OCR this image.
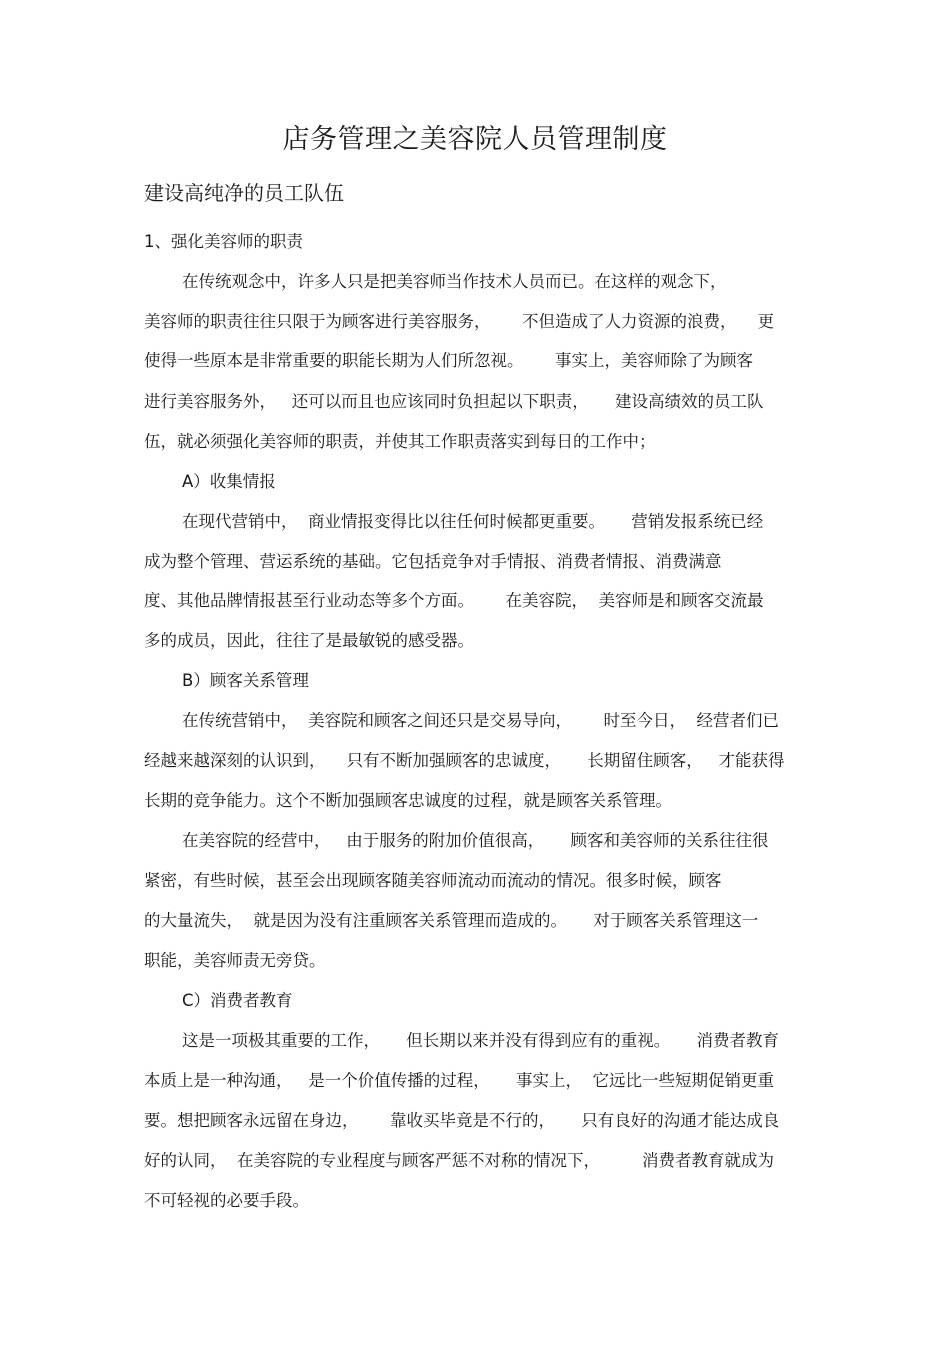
店务管理之美容院人员管理制度
建设高纯净的员工队伍

1、强化美容师的职责

在传统观念中，许多人只是把美容师当作技术人员而已。在这样的观念下，

美容师的职责往往只限于为顾客进行美容服务，      不但造成了人力资源的浪费，    更

使得一些原本是非常重要的职能长期为人们所忽视。      事实上，美容师除了为顾客

进行美容服务外，   还可以而且也应该同时负担起以下职责，     建设高绩效的员工队

伍，就必须强化美容师的职责，并使其工作职责落实到每日的工作中；

A）收集情报

在现代营销中，  商业情报变得比以往任何时候都更重要。     营销发报系统已经

成为整个管理、营运系统的基础。它包括竞争对手情报、消费者情报、消费满意

度、其他品牌情报甚至行业动态等多个方面。      在美容院，  美容师是和顾客交流最

多的成员，因此，往往了是最敏锐的感受器。

B）顾客关系管理

在传统营销中，  美容院和顾客之间还只是交易导向，      时至今日，  经营者们已

经越来越深刻的认识到，    只有不断加强顾客的忠诚度，     长期留住顾客，   才能获得

长期的竞争能力。这个不断加强顾客忠诚度的过程，就是顾客关系管理。

在美容院的经营中，   由于服务的附加价值很高，     顾客和美容师的关系往往很

紧密，有些时候，甚至会出现顾客随美容师流动而流动的情况。很多时候，顾客

的大量流失，  就是因为没有注重顾客关系管理而造成的。     对于顾客关系管理这一

职能，美容师责无旁贷。

C）消费者教育

这是一项极其重要的工作，     但长期以来并没有得到应有的重视。     消费者教育

本质上是一种沟通，   是一个价值传播的过程，     事实上，  它远比一些短期促销更重

要。想把顾客永远留在身边，      靠收买毕竟是不行的，     只有良好的沟通才能达成良

好的认同，  在美容院的专业程度与顾客严惩不对称的情况下，        消费者教育就成为

不可轻视的必要手段。
